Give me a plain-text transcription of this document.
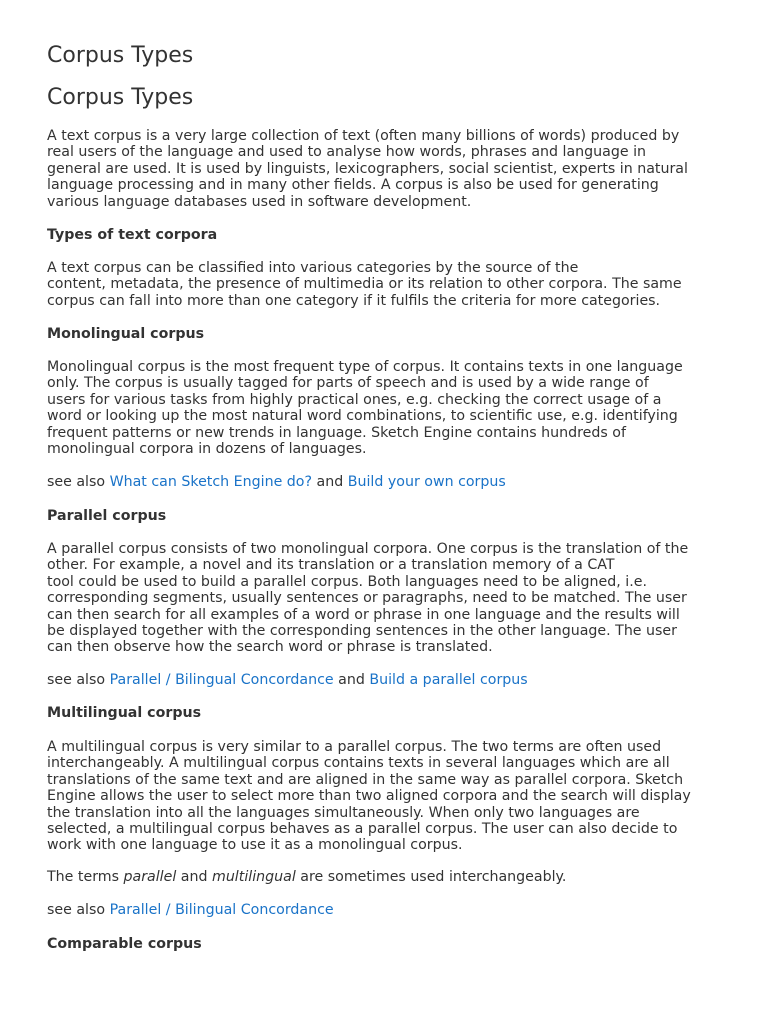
Corpus Types
Corpus Types
A text corpus is a very large collection of text (often many billions of words) produced by
real users of the language and used to analyse how words, phrases and language in
general are used. It is used by linguists, lexicographers, social scientist, experts in natural
language processing and in many other fields. A corpus is also be used for generating
various language databases used in software development.
Types of text corpora
A text corpus can be classified into various categories by the source of the
content, metadata, the presence of multimedia or its relation to other corpora. The same
corpus can fall into more than one category if it fulfils the criteria for more categories.
Monolingual corpus
Monolingual corpus is the most frequent type of corpus. It contains texts in one language
only. The corpus is usually tagged for parts of speech and is used by a wide range of
users for various tasks from highly practical ones, e.g. checking the correct usage of a
word or looking up the most natural word combinations, to scientific use, e.g. identifying
frequent patterns or new trends in language. Sketch Engine contains hundreds of
monolingual corpora in dozens of languages.
see also What can Sketch Engine do? and Build your own corpus
Parallel corpus
A parallel corpus consists of two monolingual corpora. One corpus is the translation of the
other. For example, a novel and its translation or a translation memory of a CAT
tool could be used to build a parallel corpus. Both languages need to be aligned, i.e.
corresponding segments, usually sentences or paragraphs, need to be matched. The user
can then search for all examples of a word or phrase in one language and the results will
be displayed together with the corresponding sentences in the other language. The user
can then observe how the search word or phrase is translated.
see also Parallel / Bilingual Concordance and Build a parallel corpus
Multilingual corpus
A multilingual corpus is very similar to a parallel corpus. The two terms are often used
interchangeably. A multilingual corpus contains texts in several languages which are all
translations of the same text and are aligned in the same way as parallel corpora. Sketch
Engine allows the user to select more than two aligned corpora and the search will display
the translation into all the languages simultaneously. When only two languages are
selected, a multilingual corpus behaves as a parallel corpus. The user can also decide to
work with one language to use it as a monolingual corpus.
The terms parallel and multilingual are sometimes used interchangeably.
see also Parallel / Bilingual Concordance
Comparable corpus
